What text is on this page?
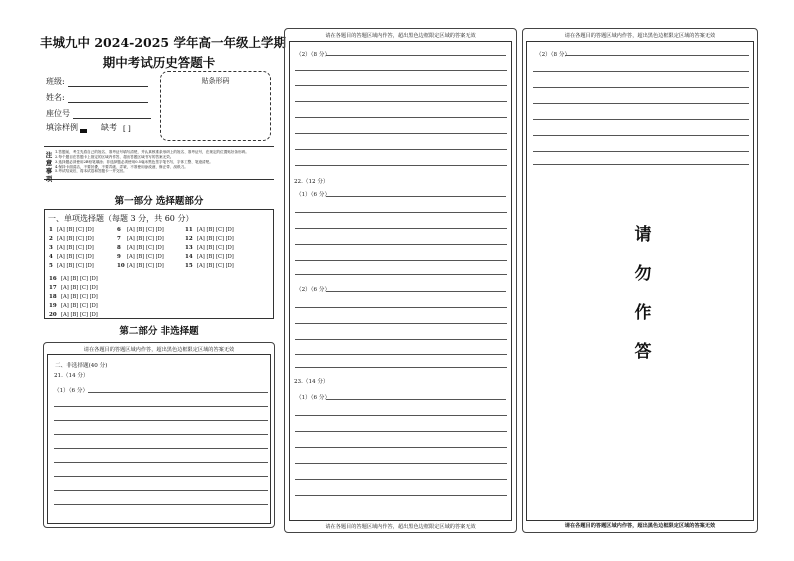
丰城九中 2024-2025 学年高一年级上学期
期中考试历史答题卡
班级:
姓名:
座位号
填涂样例	缺考 [ ]
贴条形码
注
意
事
项
1.答题前，考生先将自己的姓名、准考证号填写清楚，并认真核准条形码上的姓名、准考证号，在规定的位置贴好条形码。
2.每个题目在答题卡上指定的区域内作答，超出答题区域书写的答案无效。
3.选择题必须使用2B铅笔填涂；非选择题必须使用0.5毫米黑色签字笔书写，字体工整、笔迹清楚。
4.保持卡面清洁，不要折叠，不要弄破、弄皱，不准使用涂改液、修正带、刮纸刀。
5.考试结束后，将本试卷和答题卡一并交回。
第一部分 选择题部分
一、单项选择题（每题 3 分，共 60 分）
1 [A] [B] [C] [D]
2 [A] [B] [C] [D]
3 [A] [B] [C] [D]
4 [A] [B] [C] [D]
5 [A] [B] [C] [D]
6	[A] [B] [C] [D]
7	[A] [B] [C] [D]
8	[A] [B] [C] [D]
9	[A] [B] [C] [D]
10 [A] [B] [C] [D]
11 [A] [B] [C] [D]
12 [A] [B] [C] [D]
13 [A] [B] [C] [D]
14 [A] [B] [C] [D]
15 [A] [B] [C] [D]
16 [A] [B] [C] [D]
17 [A] [B] [C] [D]
18 [A] [B] [C] [D]
19 [A] [B] [C] [D]
20 [A] [B] [C] [D]
第二部分 非选择题
请在各题目的答题区域内作答，超出黑色边框限定区域的答案无效
二、非选择题(40 分)
21.（14 分）
（1）（6 分）
请在各题目的答题区域内作答，超出黑色边框限定区域的答案无效
（2）（8 分）
22.（12 分）
（1）（6 分）
（2）（6 分）
23.（14 分）
（1）（6 分）
请在各题目的答题区域内作答，超出黑色边框限定区域的答案无效
请在各题目的答题区域内作答，超出黑色边框限定区域的答案无效
（2）（8 分）
请
勿
作
答
请在各题目的答题区域内作答，超出黑色边框限定区域的答案无效
